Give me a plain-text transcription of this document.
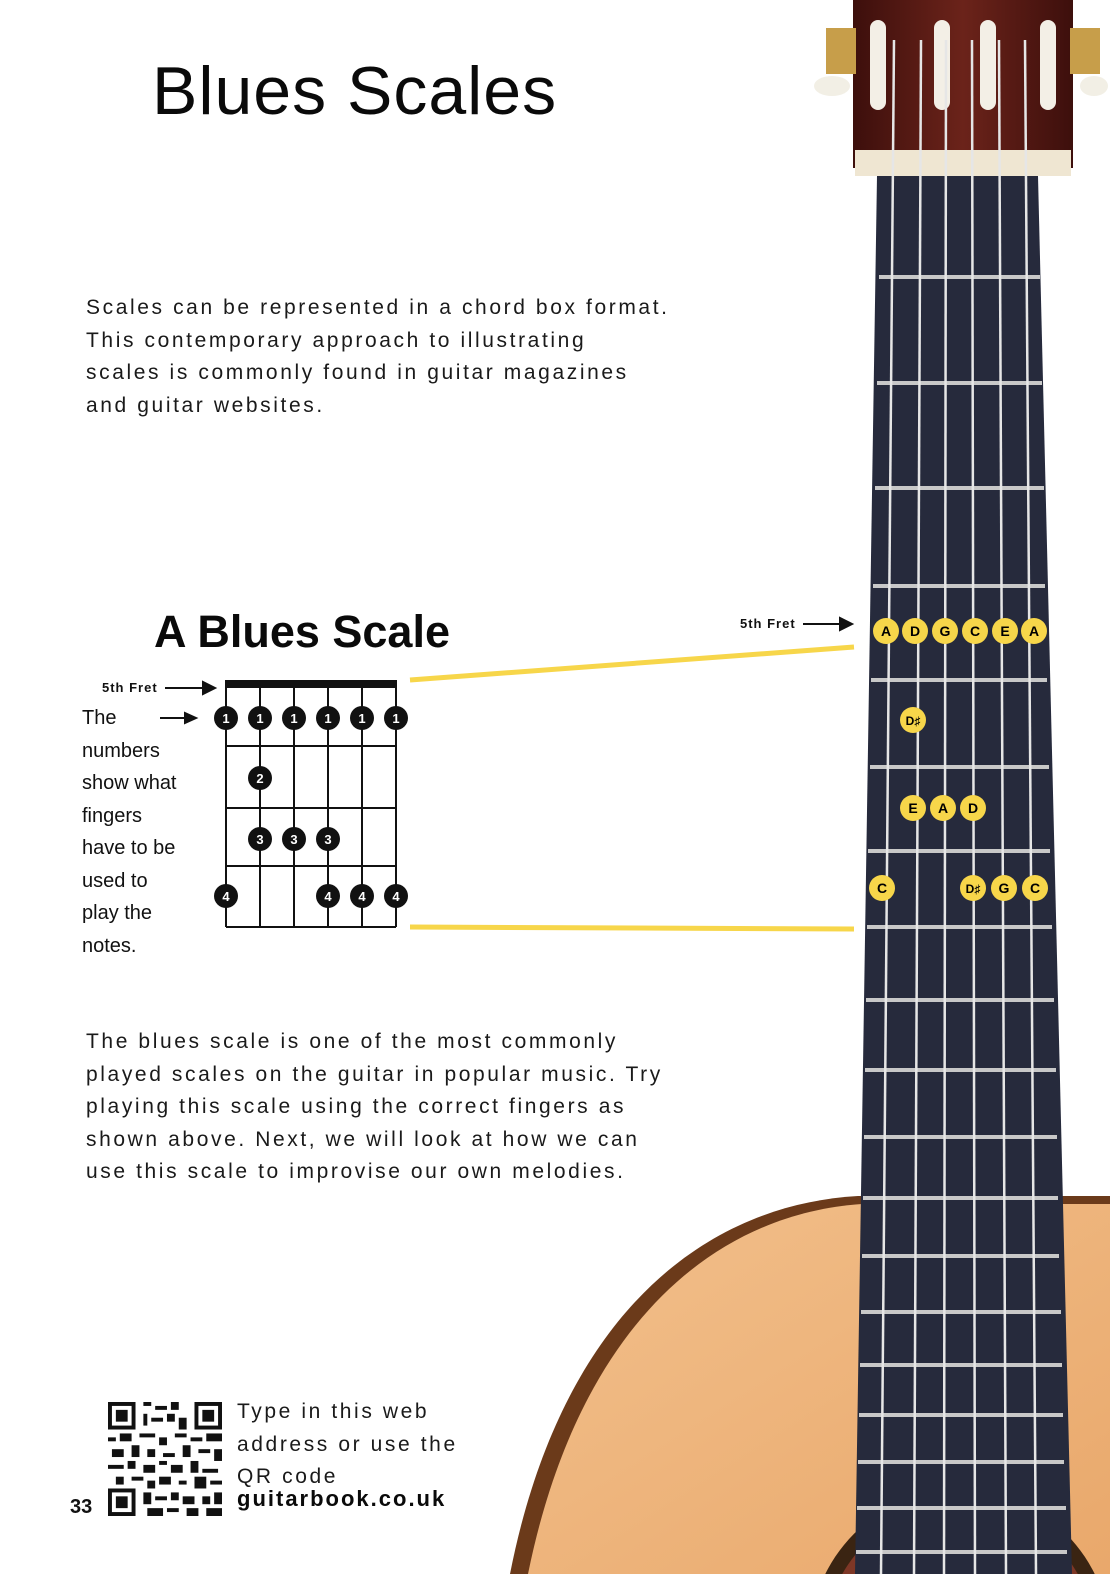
A D G C E A
D♯
E A D
C	D♯ G C
1 1 1 1 1 1
2
3 3 3
4	4 4 4
Blues Scales
Scales can be represented in a chord box format.
This contemporary approach to illustrating
scales is commonly found in guitar magazines
and guitar websites.
A Blues Scale
5th Fret
5th Fret
The
numbers
show what
fingers
have to be
used to
play the
notes.
The blues scale is one of the most commonly
played scales on the guitar in popular music. Try
playing this scale using the correct fingers as
shown above. Next, we will look at how we can
use this scale to improvise our own melodies.
Type in this web
address or use the
QR code
guitarbook.co.uk
33
